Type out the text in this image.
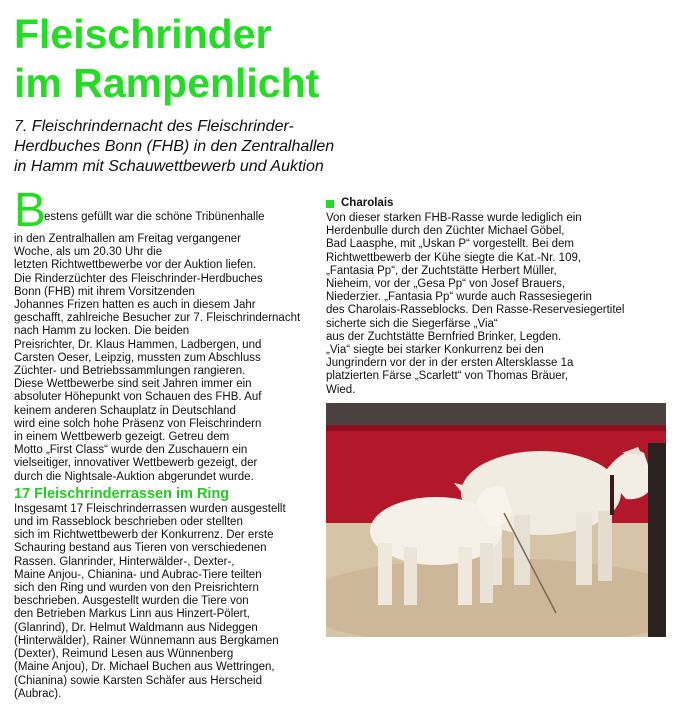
Fleischrinder
im Rampenlicht
7. Fleischrindernacht des Fleischrinder-
Herdbuches Bonn (FHB) in den Zentralhallen
in Hamm mit Schauwettbewerb und Auktion
B
estens gefüllt war die schöne Tribünenhalle
in den Zentralhallen am Freitag vergangener
Woche, als um 20.30 Uhr die
letzten Richtwettbewerbe vor der Auktion liefen.
Die Rinderzüchter des Fleischrinder-Herdbuches
Bonn (FHB) mit ihrem Vorsitzenden
Johannes Frizen hatten es auch in diesem Jahr
geschafft, zahlreiche Besucher zur 7. Fleischrindernacht
nach Hamm zu locken. Die beiden
Preisrichter, Dr. Klaus Hammen, Ladbergen, und
Carsten Oeser, Leipzig, mussten zum Abschluss
Züchter- und Betriebssammlungen rangieren.
Diese Wettbewerbe sind seit Jahren immer ein
absoluter Höhepunkt von Schauen des FHB. Auf
keinem anderen Schauplatz in Deutschland
wird eine solch hohe Präsenz von Fleischrindern
in einem Wettbewerb gezeigt. Getreu dem
Motto „First Class“ wurde den Zuschauern ein
vielseitiger, innovativer Wettbewerb gezeigt, der
durch die Nightsale-Auktion abgerundet wurde.
17 Fleischrinderrassen im Ring
Insgesamt 17 Fleischrinderrassen wurden ausgestellt
und im Rasseblock beschrieben oder stellten
sich im Richtwettbewerb der Konkurrenz. Der erste
Schauring bestand aus Tieren von verschiedenen
Rassen. Glanrinder, Hinterwälder-, Dexter-,
Maine Anjou-, Chianina- und Aubrac-Tiere teilten
sich den Ring und wurden von den Preisrichtern
beschrieben. Ausgestellt wurden die Tiere von
den Betrieben Markus Linn aus Hinzert-Pölert,
(Glanrind), Dr. Helmut Waldmann aus Nideggen
(Hinterwälder), Rainer Wünnemann aus Bergkamen
(Dexter), Reimund Lesen aus Wünnenberg
(Maine Anjou), Dr. Michael Buchen aus Wettringen,
(Chianina) sowie Karsten Schäfer aus Herscheid
(Aubrac).
Charolais
Von dieser starken FHB-Rasse wurde lediglich ein
Herdenbulle durch den Züchter Michael Göbel,
Bad Laasphe, mit „Uskan P“ vorgestellt. Bei dem
Richtwettbewerb der Kühe siegte die Kat.-Nr. 109,
„Fantasia Pp“, der Zuchtstätte Herbert Müller,
Nieheim, vor der „Gesa Pp“ von Josef Brauers,
Niederzier. „Fantasia Pp“ wurde auch Rassesiegerin
des Charolais-Rasseblocks. Den Rasse-Reservesiegertitel
sicherte sich die Siegerfärse „Via“
aus der Zuchtstätte Bernfried Brinker, Legden.
„Via“ siegte bei starker Konkurrenz bei den
Jungrindern vor der in der ersten Altersklasse 1a
platzierten Färse „Scarlett“ von Thomas Bräuer,
Wied.
